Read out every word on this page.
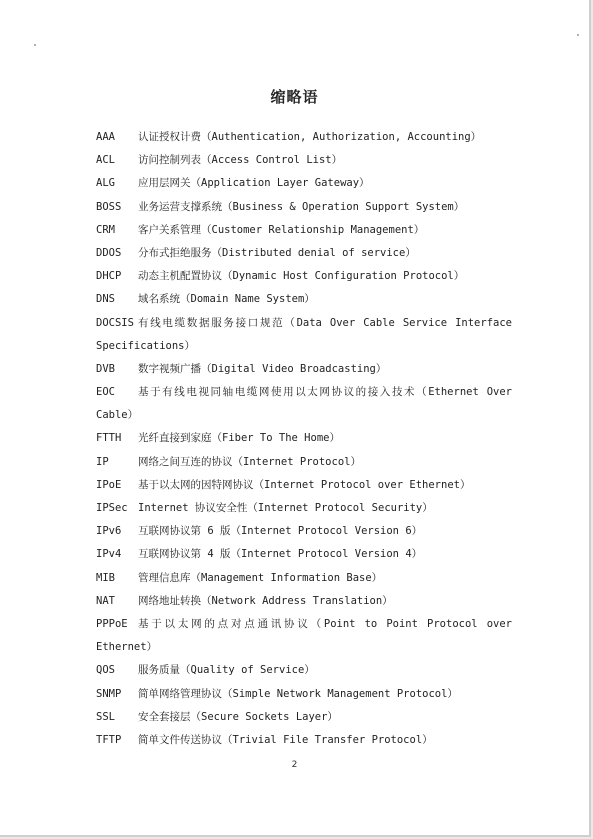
缩略语
AAA 认证授权计费（Authentication, Authorization, Accounting）
ACL 访问控制列表（Access Control List）
ALG 应用层网关（Application Layer Gateway）
BOSS 业务运营支撑系统（Business & Operation Support System）
CRM 客户关系管理（Customer Relationship Management）
DDOS 分布式拒绝服务（Distributed denial of service）
DHCP 动态主机配置协议（Dynamic Host Configuration Protocol）
DNS 域名系统（Domain Name System）
DOCSIS 有线电缆数据服务接口规范（Data Over Cable Service Interface Specifications）
DVB 数字视频广播（Digital Video Broadcasting）
EOC	基于有线电视同轴电缆网使用以太网协议的接入技术（Ethernet Over Cable）
FTTH 光纤直接到家庭（Fiber To The Home）
IP	网络之间互连的协议（Internet Protocol）
IPoE 基于以太网的因特网协议（Internet Protocol over Ethernet）
IPSec Internet 协议安全性（Internet Protocol Security）
IPv6 互联网协议第 6 版（Internet Protocol Version 6）
IPv4 互联网协议第 4 版（Internet Protocol Version 4）
MIB 管理信息库（Management Information Base）
NAT 网络地址转换（Network Address Translation）
PPPoE 基于以太网的点对点通讯协议（Point to Point Protocol over Ethernet）
QOS 服务质量（Quality of Service）
SNMP 简单网络管理协议（Simple Network Management Protocol）
SSL 安全套接层（Secure Sockets Layer）
TFTP 简单文件传送协议（Trivial File Transfer Protocol）
2
